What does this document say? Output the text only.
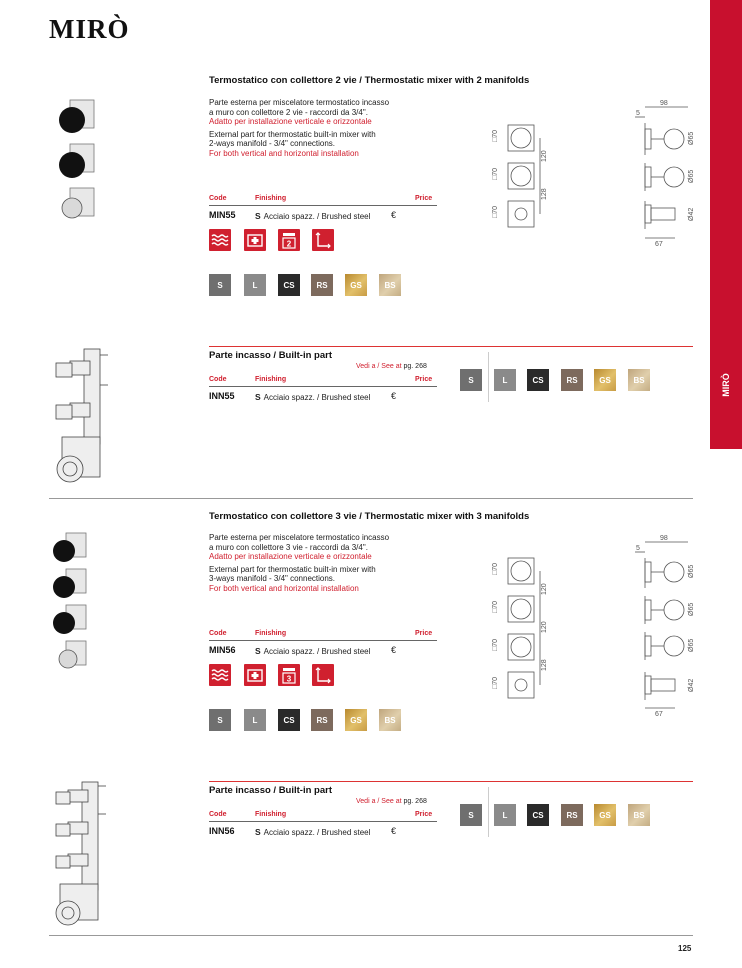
MIRÒ
MIRÒ
Termostatico con collettore 2 vie / Thermostatic mixer with 2 manifolds

Parte esterna per miscelatore termostatico incasso
a muro con collettore 2 vie - raccordi da 3/4".
Adatto per installazione verticale e orizzontale

External part for thermostatic built-in mixer with
2-ways manifold - 3/4" connections.
For both vertical and horizontal installation

Code	Finishing	Price
MIN55 S Acciaio spazz. / Brushed steel €
2
S	L	CS	RS	GS	BS
□70
□70
□70
120
128
98
5
Ø65
Ø65
Ø42
67
Parte incasso / Built-in part
Vedi a / See at pg. 268
Code	Finishing	Price
INN55 S Acciaio spazz. / Brushed steel €
S	L	CS	RS	GS	BS
Termostatico con collettore 3 vie / Thermostatic mixer with 3 manifolds

Parte esterna per miscelatore termostatico incasso
a muro con collettore 3 vie - raccordi da 3/4".
Adatto per installazione verticale e orizzontale

External part for thermostatic built-in mixer with
3-ways manifold - 3/4" connections.
For both vertical and horizontal installation

Code	Finishing	Price
MIN56 S Acciaio spazz. / Brushed steel €
3
S	L	CS	RS	GS	BS
□70
□70
□70
□70
120
120
128
98
5
Ø65
Ø65
Ø65
Ø42
67
Parte incasso / Built-in part
Vedi a / See at pg. 268
Code	Finishing	Price
INN56 S Acciaio spazz. / Brushed steel €
S	L	CS	RS	GS	BS
125
